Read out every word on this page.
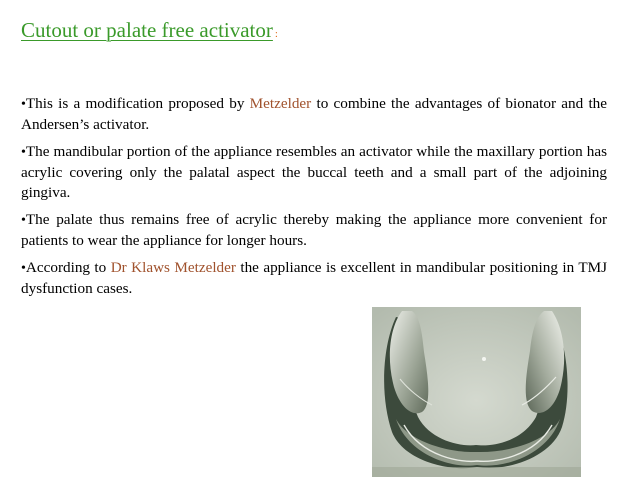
Cutout or palate free activator :

•This is a modification proposed by Metzelder to combine the advantages of bionator and the Andersen’s activator.

•The mandibular portion of the appliance resembles an activator while the maxillary portion has acrylic covering only the palatal aspect the buccal teeth and a small part of the adjoining gingiva.

•The palate thus remains free of acrylic thereby making the appliance more convenient for patients to wear the appliance for longer hours.

•According to Dr Klaws Metzelder the appliance is excellent in mandibular positioning in TMJ dysfunction cases.
